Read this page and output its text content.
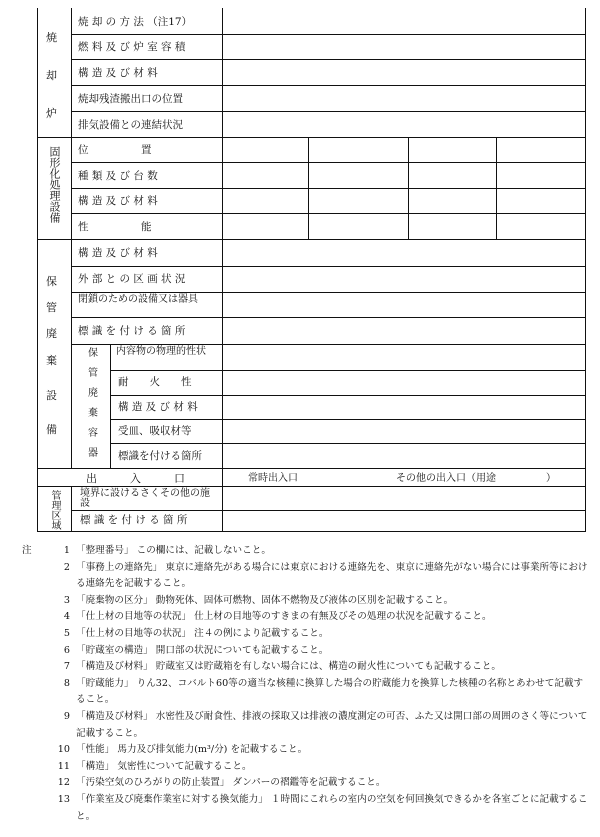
焼
却
炉
焼 却 の 方 法 （注17）
燃 料 及 び 炉 室 容 積
構 造 及 び 材 料
焼却残渣搬出口の位置
排気設備との連結状況
固形化処理設備 位　　　　　置
種 類 及 び 台 数
構 造 及 び 材 料
性　　　　　能
保
管
廃
棄
設
備
構 造 及 び 材 料
外 部 と の 区 画 状 況
閉鎖のための設備又は器具
標 識 を 付 け る 箇 所
保
管
廃
棄
容
器
内容物の物理的性状
耐　　火　　性
構 造 及 び 材 料
受皿、吸収材等
標識を付ける箇所
出　　　入　　　口	常時出入口	その他の出入口（用途　　　　　）
管理区域 境界に設けるさくその他の施設
標 識 を 付 け る 箇 所
注	1 「整理番号」 この欄には、記載しないこと。
2 「事務上の連絡先」 東京に連絡先がある場合には東京における連絡先を、東京に連絡先がない場合には事業所等における連絡先を記載すること。
3 「廃棄物の区分」 動物死体、固体可燃物、固体不燃物及び液体の区別を記載すること。
4 「仕上材の目地等の状況」 仕上材の目地等のすきまの有無及びその処理の状況を記載すること。
5 「仕上材の目地等の状況」 注４の例により記載すること。
6 「貯蔵室の構造」 開口部の状況についても記載すること。
7 「構造及び材料」 貯蔵室又は貯蔵箱を有しない場合には、構造の耐火性についても記載すること。
8 「貯蔵能力」 りん32、コバルト60等の適当な核種に換算した場合の貯蔵能力を換算した核種の名称とあわせて記載すること。
9 「構造及び材料」 水密性及び耐食性、排液の採取又は排液の濃度測定の可否、ふた又は開口部の周囲のさく等について記載すること。
10 「性能」 馬力及び排気能力(m³/分) を記載すること。
11 「構造」 気密性について記載すること。
12 「汚染空気のひろがりの防止装置」 ダンパーの褶鑑等を記載すること。
13 「作業室及び廃棄作業室に対する換気能力」 １時間にこれらの室内の空気を何回換気できるかを各室ごとに記載すること。
